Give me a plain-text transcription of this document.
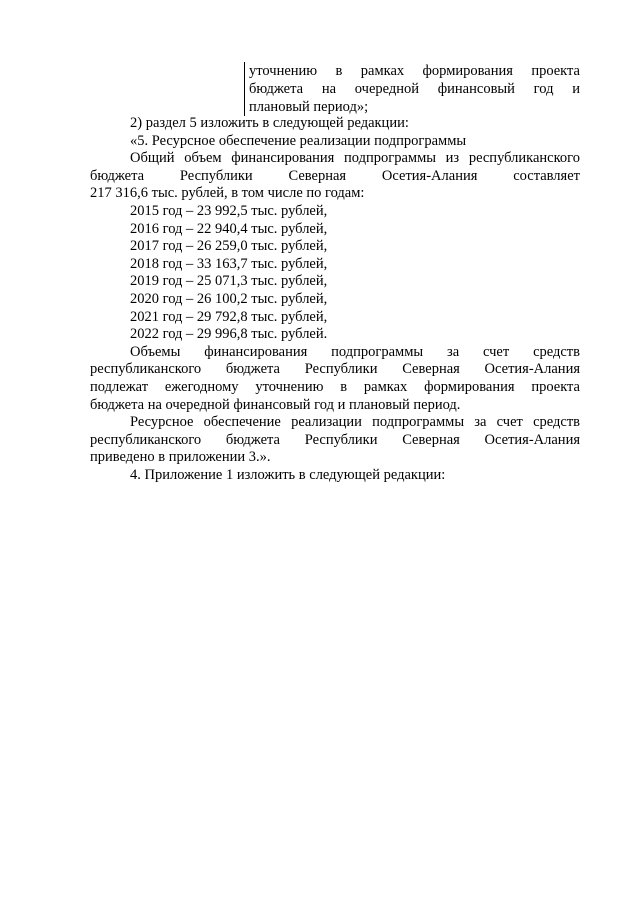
уточнению в рамках формирования проекта
бюджета на очередной финансовый год и
плановый период»;
2) раздел 5 изложить в следующей редакции:
«5. Ресурсное обеспечение реализации подпрограммы
Общий объем финансирования подпрограммы из республиканского
бюджета Республики Северная Осетия-Алания составляет
217 316,6 тыс. рублей, в том числе по годам:
2015 год – 23 992,5 тыс. рублей,
2016 год – 22 940,4 тыс. рублей,
2017 год – 26 259,0 тыс. рублей,
2018 год – 33 163,7 тыс. рублей,
2019 год – 25 071,3 тыс. рублей,
2020 год – 26 100,2 тыс. рублей,
2021 год – 29 792,8 тыс. рублей,
2022 год – 29 996,8 тыс. рублей.
Объемы финансирования подпрограммы за счет средств
республиканского бюджета Республики Северная Осетия-Алания
подлежат ежегодному уточнению в рамках формирования проекта
бюджета на очередной финансовый год и плановый период.
Ресурсное обеспечение реализации подпрограммы за счет средств
республиканского бюджета Республики Северная Осетия-Алания
приведено в приложении 3.».
4. Приложение 1 изложить в следующей редакции:
